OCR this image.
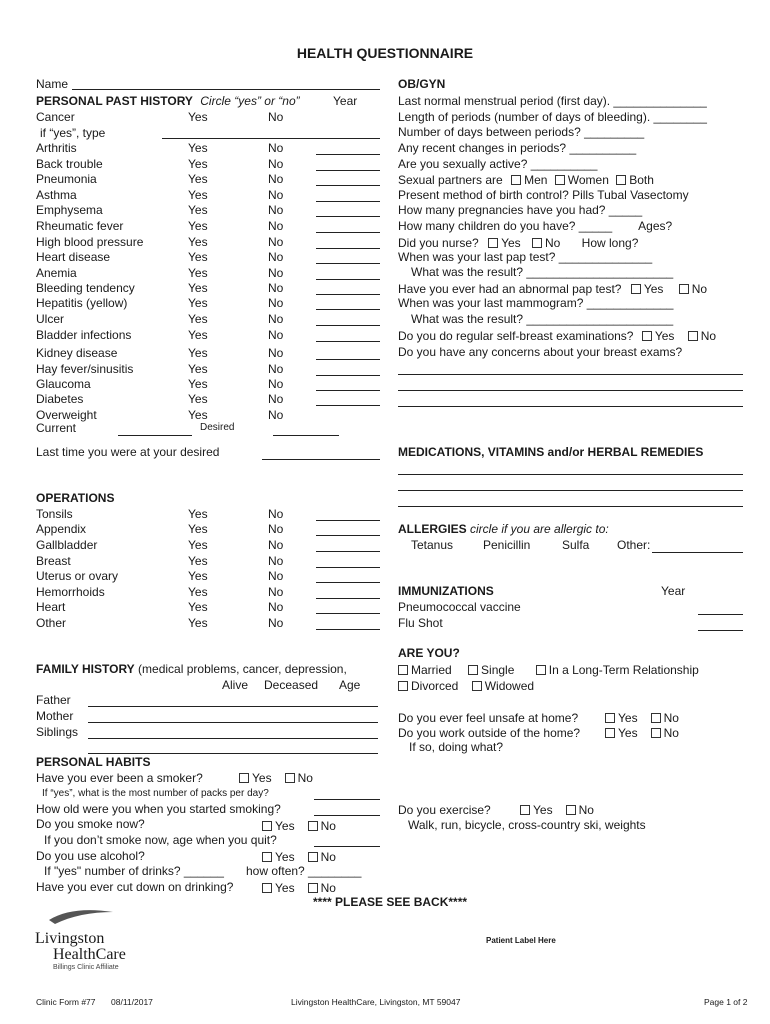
HEALTH QUESTIONNAIRE
Name
PERSONAL PAST HISTORY Circle “yes” or “no”	Year
Cancer	Yes	No
Arthritis	Yes	No
Back trouble	Yes	No
Pneumonia	Yes	No
Asthma	Yes	No
Emphysema	Yes	No
Rheumatic fever	Yes	No
High blood pressure	Yes	No
Heart disease	Yes	No
Anemia	Yes	No
Bleeding tendency	Yes	No
Hepatitis (yellow)	Yes	No
Ulcer	Yes	No
Bladder infections	Yes	No
Kidney disease	Yes	No
Hay fever/sinusitis	Yes	No
Glaucoma	Yes	No
Diabetes	Yes	No
Overweight	Yes	No
if “yes”, type
Current	Desired
Last time you were at your desired
OPERATIONS
Tonsils	Yes	No
Appendix	Yes	No
Gallbladder	Yes	No
Breast	Yes	No
Uterus or ovary	Yes	No
Hemorrhoids	Yes	No
Heart	Yes	No
Other	Yes	No
FAMILY HISTORY (medical problems, cancer, depression,
Alive Deceased Age
Father
Mother
Siblings
PERSONAL HABITS
Have you ever been a smoker?	Yes No
If “yes”, what is the most number of packs per day?
How old were you when you started smoking?
Do you smoke now?	Yes No
If you don’t smoke now, age when you quit?
Do you use alcohol?	Yes No
If "yes" number of drinks? ______ how often? ________
Have you ever cut down on drinking?	Yes No
**** PLEASE SEE BACK****
Livingston
HealthCare
Billings Clinic Affiliate
OB/GYN
Last normal menstrual period (first day). ______________
Length of periods (number of days of bleeding). ________
Number of days between periods? _________
Any recent changes in periods? __________
Are you sexually active? __________
Sexual partners are Men Women Both
Present method of birth control? Pills Tubal Vasectomy
How many pregnancies have you had? _____
How many children do you have? _____        Ages?
Did you nurse? Yes No How long?
When was your last pap test? ______________
What was the result? ______________________
Have you ever had an abnormal pap test? Yes No
When was your last mammogram? _____________
What was the result? ______________________
Do you do regular self-breast examinations? Yes No
Do you have any concerns about your breast exams?
MEDICATIONS, VITAMINS and/or HERBAL REMEDIES
ALLERGIES circle if you are allergic to:
Tetanus Penicillin	Sulfa Other:
IMMUNIZATIONS	Year
Pneumococcal vaccine
Flu Shot
ARE YOU?
Married Single	In a Long-Term Relationship
Divorced Widowed
Do you ever feel unsafe at home?	Yes No
Do you work outside of the home?	Yes No
If so, doing what?
Do you exercise?	Yes No
Walk, run, bicycle, cross-country ski, weights
Patient Label Here
Clinic Form #77 08/11/2017	Livingston HealthCare, Livingston, MT 59047	Page 1 of 2
